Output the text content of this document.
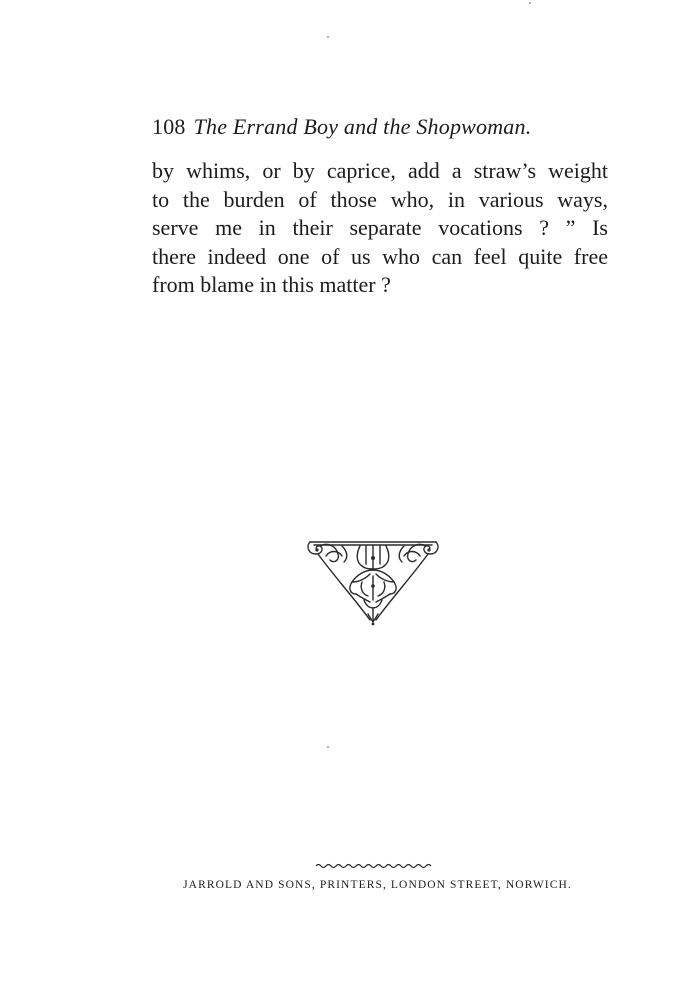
108 The Errand Boy and the Shopwoman.
by whims, or by caprice, add a straw’s weight
to the burden of those who, in various ways,
serve me in their separate vocations ? ” Is
there indeed one of us who can feel quite free
from blame in this matter ?
JARROLD AND SONS, PRINTERS, LONDON STREET, NORWICH.
